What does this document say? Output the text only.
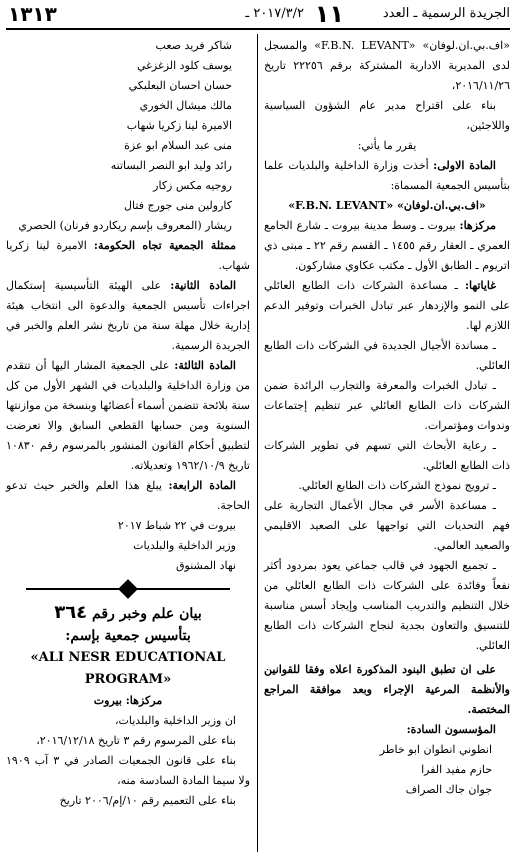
الجريدة الرسمية ـ العدد
١١
٢٠١٧/٣/٢ ـ
١٣١٣

«اف.بي.ان.لوفان» «F.B.N. LEVANT» والمسجل لدى المديرية الادارية المشتركة برقم ٢٢٢٥٦ تاريخ ٢٠١٦/١١/٢٦،

بناء على اقتراح مدير عام الشؤون السياسية واللاجئين،

يقرر ما يأتي:

المادة الاولى: أخذت وزارة الداخلية والبلديات علما بتأسيس الجمعية المسماة:

«اف.بي.ان.لوفان» «F.B.N. LEVANT»

مركزها: بيروت ـ وسط مدينة بيروت ـ شارع الجامع العمري ـ العقار رقم ١٤٥٥ ـ القسم رقم ٢٢ ـ مبنى ذي اتريوم ـ الطابق الأول ـ مكتب عكاوي مشاركون.

غاياتها: ـ مساعدة الشركات ذات الطابع العائلي على النمو والإزدهار عبر تبادل الخبرات وتوفير الدعم اللازم لها.

ـ مساندة الأجيال الجديدة في الشركات ذات الطابع العائلي.

ـ تبادل الخبرات والمعرفة والتجارب الرائدة ضمن الشركات ذات الطابع العائلي عبر تنظيم إجتماعات وندوات ومؤتمرات.

ـ رعاية الأبحاث التي تسهم في تطوير الشركات ذات الطابع العائلي.

ـ ترويج نموذج الشركات ذات الطابع العائلي.

ـ مساعدة الأسر في مجال الأعمال التجارية على فهم التحديات التي تواجهها على الصعيد الاقليمي والصعيد العالمي.

ـ تجميع الجهود في قالب جماعي يعود بمردود أكثر نفعاً وفائدة على الشركات ذات الطابع العائلي من خلال التنظيم والتدريب المناسب وإيجاد أسس مناسبة للتنسيق والتعاون بجدية لنجاح الشركات ذات الطابع العائلي.

على ان تطبق البنود المذكورة اعلاه وفقا للقوانين والأنظمة المرعية الإجراء وبعد موافقة المراجع المختصة.

المؤسسون السادة:

انطوني انطوان ابو خاطر

حازم مفيد الفرا

جوان جاك الصراف

شاكر فريد صعب

يوسف كلود الزغزغي

حسان احسان البعلبكي

مالك ميشال الخوري

الاميرة لينا زكريا شهاب

منى عبد السلام ابو عزة

رائد وليد ابو النصر البساتنه

روجيه مكس زكار

كارولين منى جورج فتال

ريشار (المعروف بإسم ريكاردو فرنان) الحصري

ممثلة الجمعية تجاه الحكومة: الاميرة لينا زكريا شهاب.

المادة الثانية: على الهيئة التأسيسية إستكمال اجراءات تأسيس الجمعية والدعوة الى انتخاب هيئة إدارية خلال مهلة سنة من تاريخ نشر العلم والخبر في الجريدة الرسمية.

المادة الثالثة: على الجمعية المشار اليها أن تتقدم من وزارة الداخلية والبلديات في الشهر الأول من كل سنة بلائحة تتضمن أسماء أعضائها وبنسخة من موازنتها السنوية ومن حسابها القطعي السابق والا تعرضت لتطبيق أحكام القانون المنشور بالمرسوم رقم ١٠٨٣٠ تاريخ ١٩٦٢/١٠/٩ وتعديلاته.

المادة الرابعة: يبلغ هذا العلم والخبر حيث تدعو الحاجة.

بيروت في ٢٢ شباط ٢٠١٧

وزير الداخلية والبلديات

نهاد المشنوق

بيان علم وخبر رقم ٣٦٤

بتأسيس جمعية بإسم:

«ALI NESR EDUCATIONAL

PROGRAM»

مركزها: بيروت

ان وزير الداخلية والبلديات،

بناء على المرسوم رقم ٣ تاريخ ٢٠١٦/١٢/١٨،

بناء على قانون الجمعيات الصادر في ٣ آب ١٩٠٩ ولا سيما المادة السادسة منه،

بناء على التعميم رقم ١٠/إم/٢٠٠٦ تاريخ
